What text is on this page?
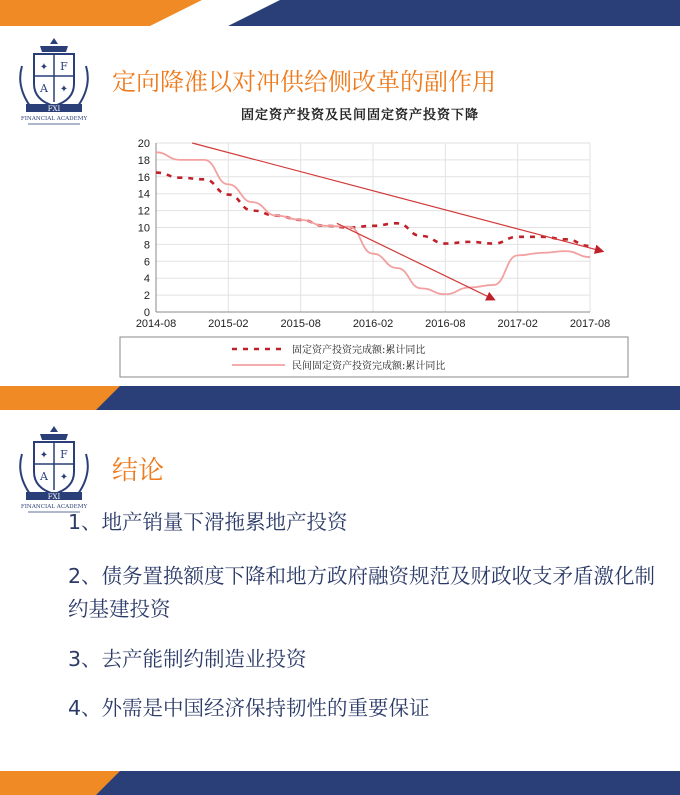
✦ F
A ✦
FXI
FINANCIAL ACADEMY
定向降准以对冲供给侧改革的副作用
固定资产投资及民间固定资产投资下降
0
2
4
6
8
10
12
14
16
18
20
2014-08	2015-02	2015-08	2016-02	2016-08	2017-02	2017-08
固定资产投资完成额:累计同比
民间固定资产投资完成额:累计同比
✦ F
A ✦
FXI
FINANCIAL ACADEMY
结论
1、地产销量下滑拖累地产投资
2、债务置换额度下降和地方政府融资规范及财政收支矛盾激化制约基建投资
3、去产能制约制造业投资
4、外需是中国经济保持韧性的重要保证
